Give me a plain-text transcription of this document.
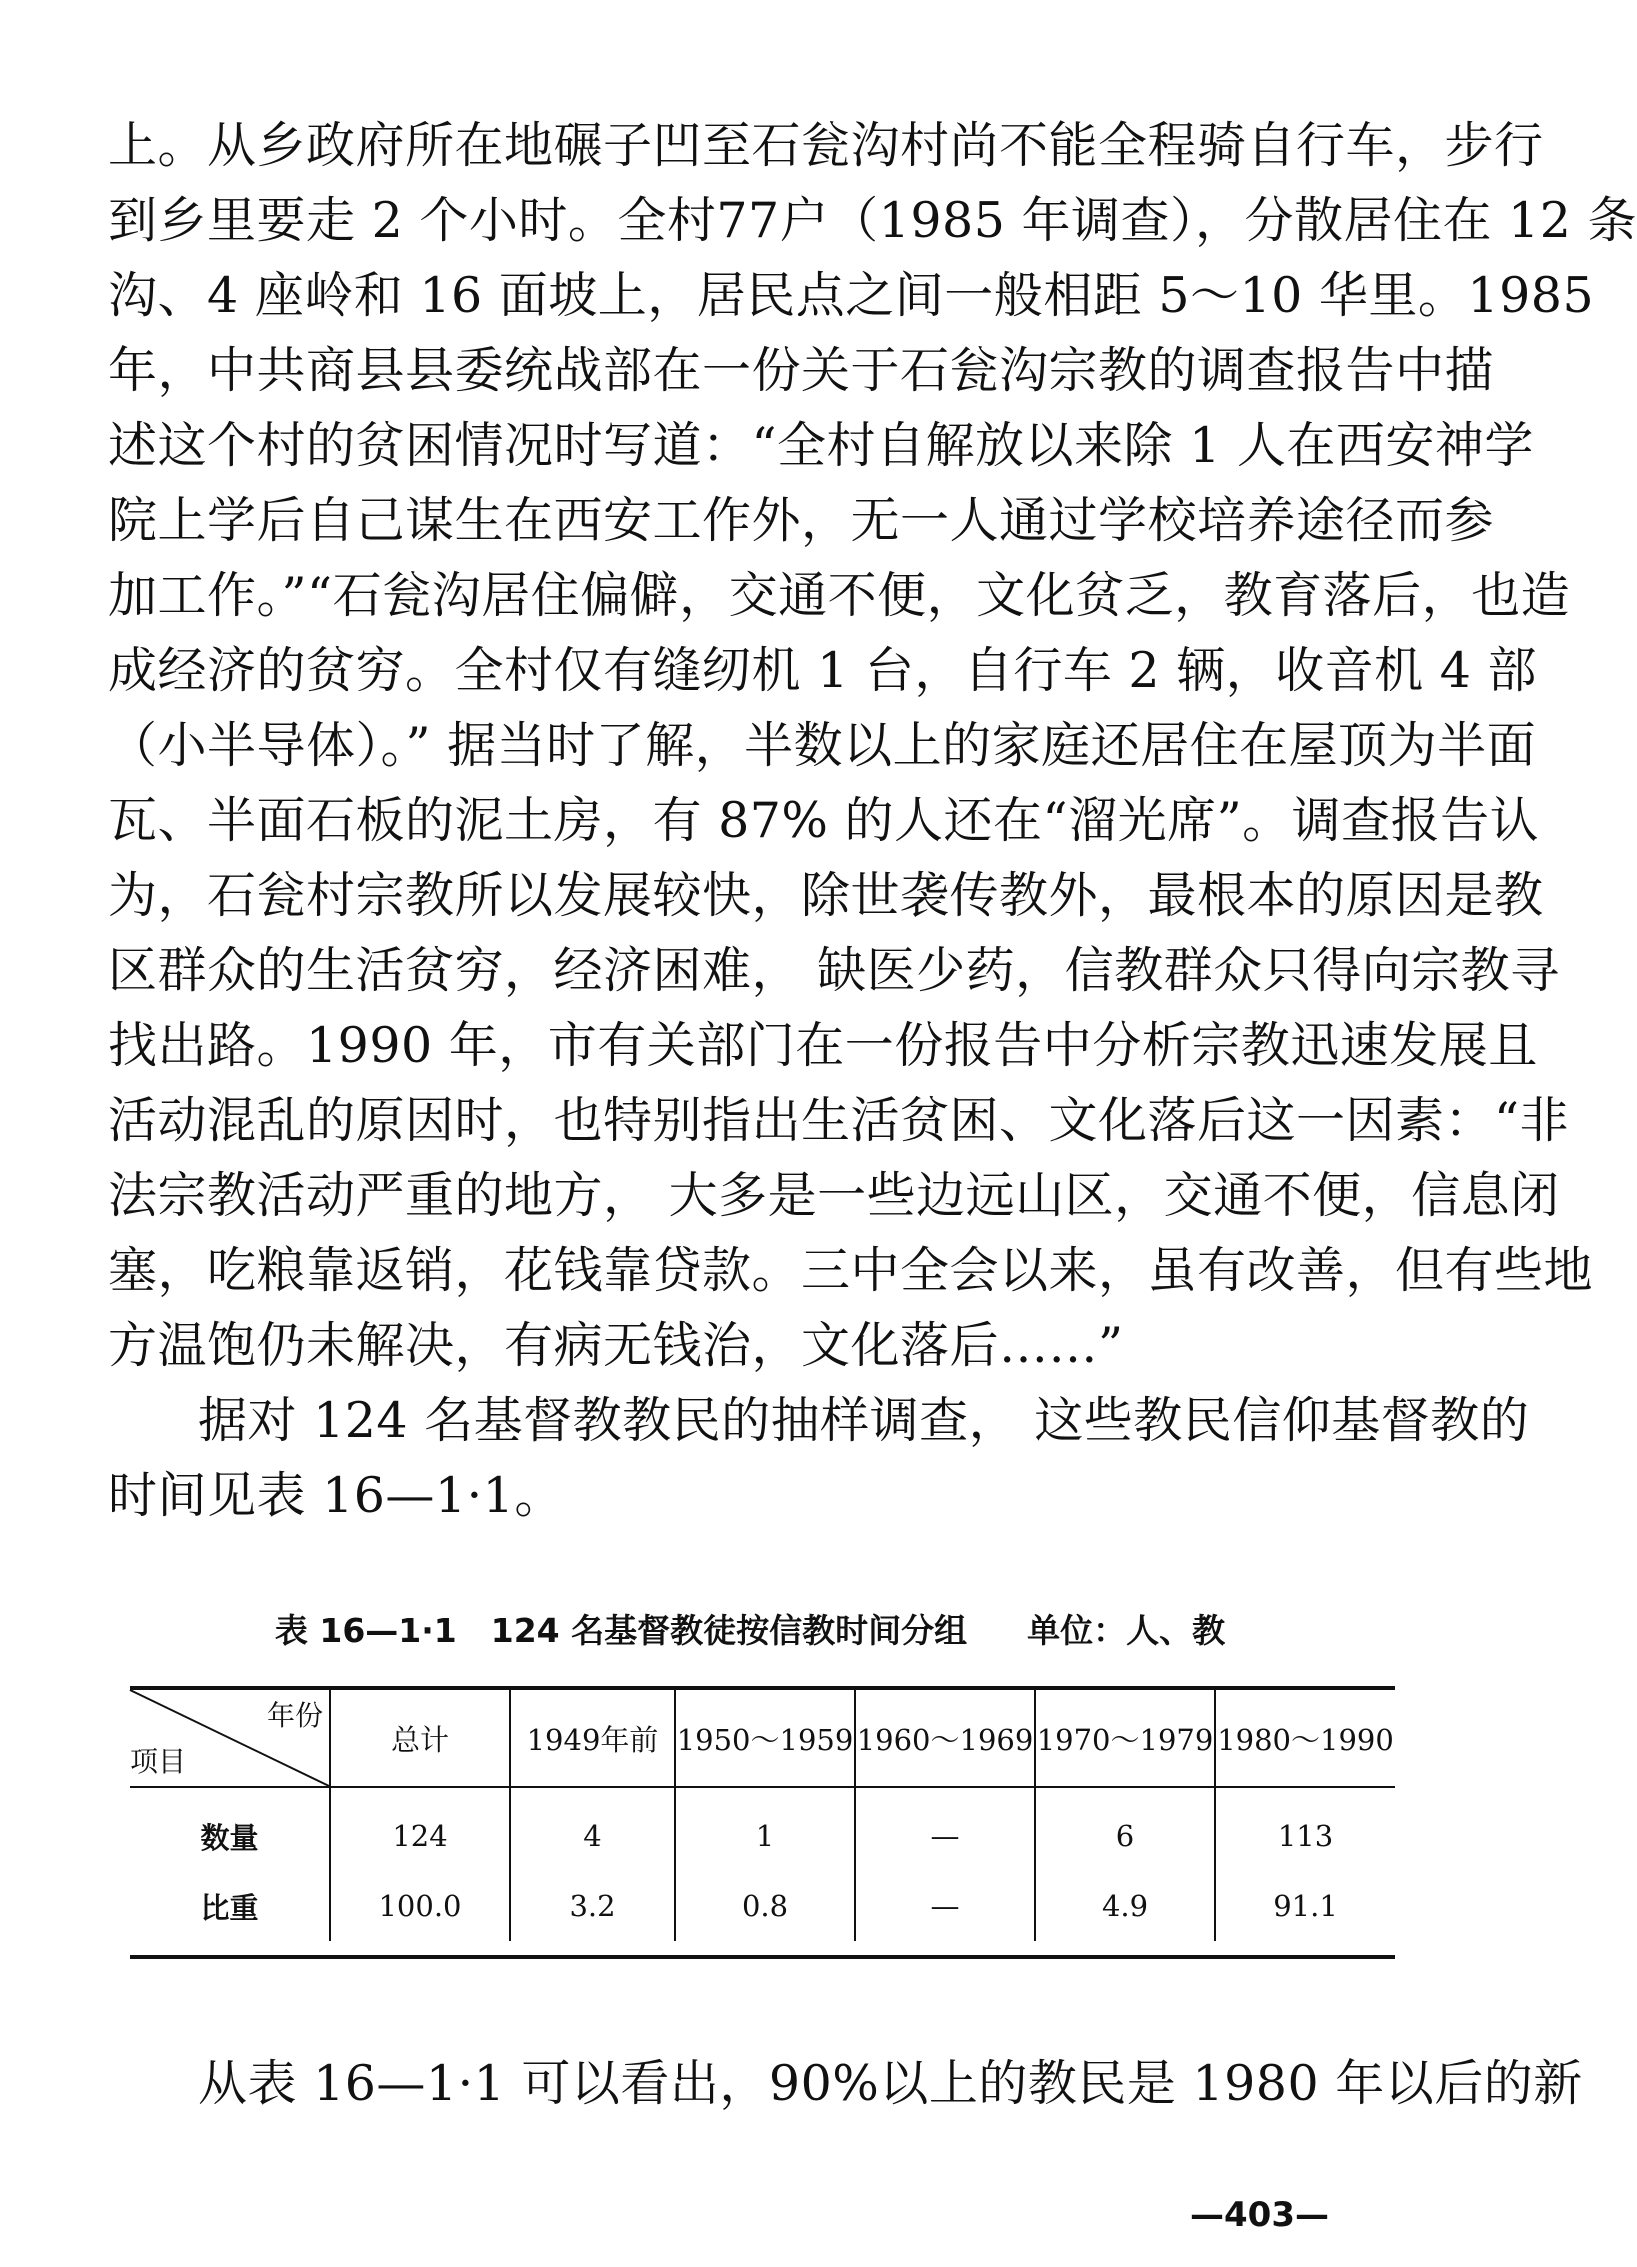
上。从乡政府所在地碾子凹至石瓮沟村尚不能全程骑自行车，步行
到乡里要走 2 个小时。全村77户（1985 年调查），分散居住在 12 条
沟、4 座岭和 16 面坡上，居民点之间一般相距 5～10 华里。1985
年，中共商县县委统战部在一份关于石瓮沟宗教的调查报告中描
述这个村的贫困情况时写道：“全村自解放以来除 1 人在西安神学
院上学后自己谋生在西安工作外，无一人通过学校培养途径而参
加工作。”“石瓮沟居住偏僻，交通不便，文化贫乏，教育落后，也造
成经济的贫穷。全村仅有缝纫机 1 台，自行车 2 辆，收音机 4 部
（小半导体）。” 据当时了解，半数以上的家庭还居住在屋顶为半面
瓦、半面石板的泥土房，有 87% 的人还在“溜光席”。调查报告认
为，石瓮村宗教所以发展较快，除世袭传教外，最根本的原因是教
区群众的生活贫穷，经济困难， 缺医少药，信教群众只得向宗教寻
找出路。1990 年，市有关部门在一份报告中分析宗教迅速发展且
活动混乱的原因时，也特别指出生活贫困、文化落后这一因素：“非
法宗教活动严重的地方， 大多是一些边远山区，交通不便，信息闭
塞，吃粮靠返销，花钱靠贷款。三中全会以来，虽有改善，但有些地
方温饱仍未解决，有病无钱治，文化落后……”
据对 124 名基督教教民的抽样调查， 这些教民信仰基督教的
时间见表 16—1·1。
表 16—1·1 124 名基督教徒按信教时间分组 单位：人、教
年份
项目	总计	1949年前	1950～1959	1960～1969	1970～1979	1980～1990
数量	124	4	1	—	6	113
比重	100.0	3.2	0.8	—	4.9	91.1
从表 16—1·1 可以看出，90%以上的教民是 1980 年以后的新
—403—
